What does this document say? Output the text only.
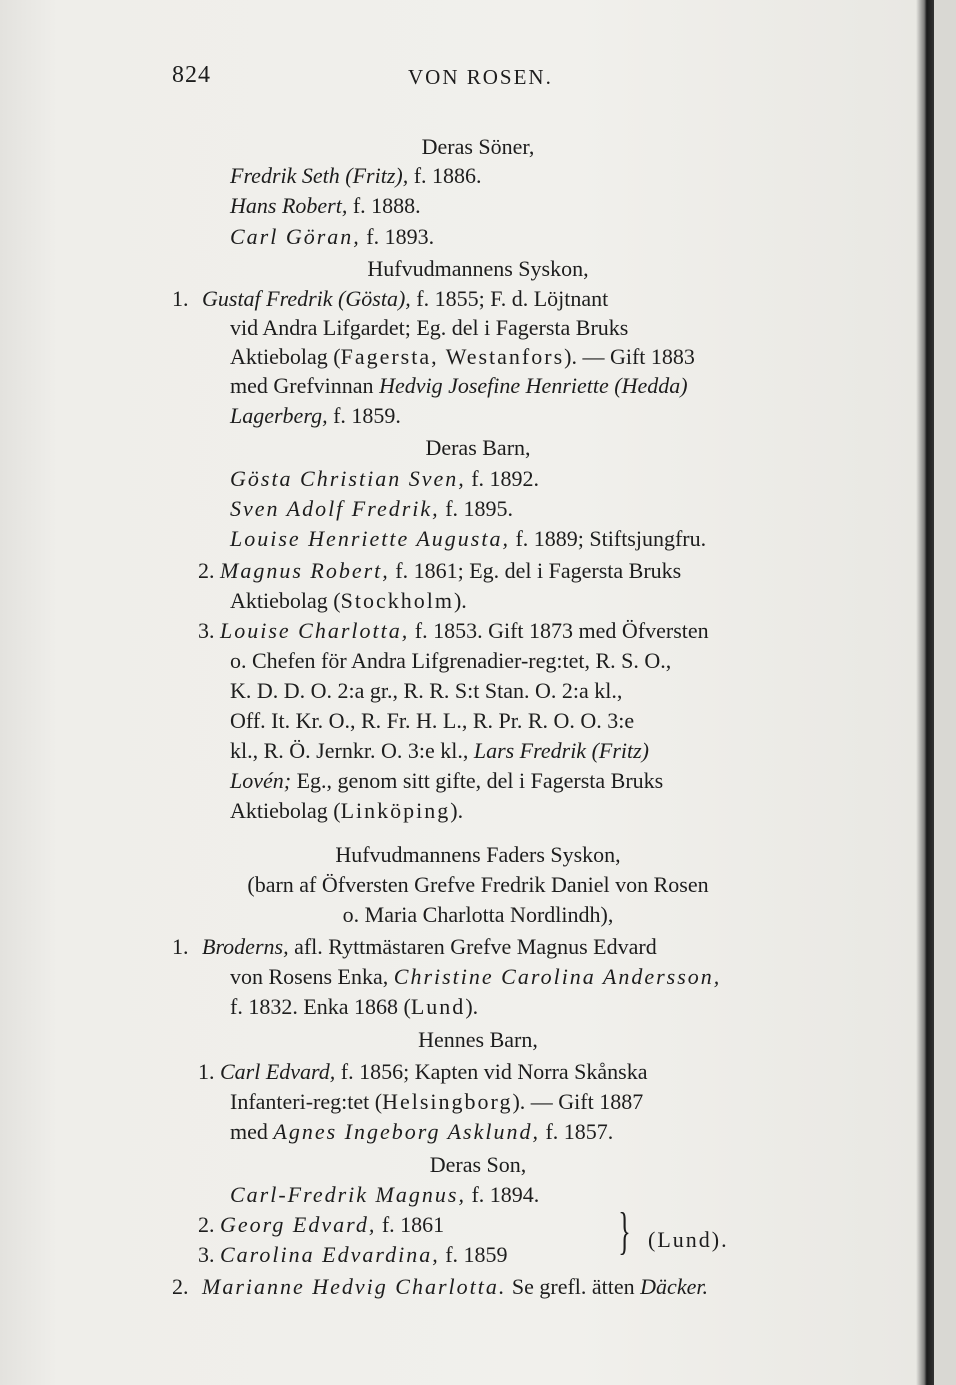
824	VON ROSEN.
Deras Söner,
Fredrik Seth (Fritz), f. 1886.
Hans Robert, f. 1888.
Carl Göran, f. 1893.
Hufvudmannens Syskon,
1. Gustaf Fredrik (Gösta), f. 1855; F. d. Löjtnant
vid Andra Lifgardet; Eg. del i Fagersta Bruks
Aktiebolag (Fagersta, Westanfors). — Gift 1883
med Grefvinnan Hedvig Josefine Henriette (Hedda)
Lagerberg, f. 1859.
Deras Barn,
Gösta Christian Sven, f. 1892.
Sven Adolf Fredrik, f. 1895.
Louise Henriette Augusta, f. 1889; Stiftsjungfru.
2. Magnus Robert, f. 1861; Eg. del i Fagersta Bruks
Aktiebolag (Stockholm).
3. Louise Charlotta, f. 1853. Gift 1873 med Öfversten
o. Chefen för Andra Lifgrenadier-reg:tet, R. S. O.,
K. D. D. O. 2:a gr., R. R. S:t Stan. O. 2:a kl.,
Off. It. Kr. O., R. Fr. H. L., R. Pr. R. O. O. 3:e
kl., R. Ö. Jernkr. O. 3:e kl., Lars Fredrik (Fritz)
Lovén; Eg., genom sitt gifte, del i Fagersta Bruks
Aktiebolag (Linköping).
Hufvudmannens Faders Syskon,
(barn af Öfversten Grefve Fredrik Daniel von Rosen
o. Maria Charlotta Nordlindh),
1. Broderns, afl. Ryttmästaren Grefve Magnus Edvard
von Rosens Enka, Christine Carolina Andersson,
f. 1832. Enka 1868 (Lund).
Hennes Barn,
1. Carl Edvard, f. 1856; Kapten vid Norra Skånska
Infanteri-reg:tet (Helsingborg). — Gift 1887
med Agnes Ingeborg Asklund, f. 1857.
Deras Son,
Carl-Fredrik Magnus, f. 1894.
2. Georg Edvard, f. 1861
3. Carolina Edvardina, f. 1859 } (Lund).
2. Marianne Hedvig Charlotta. Se grefl. ätten Däcker.
